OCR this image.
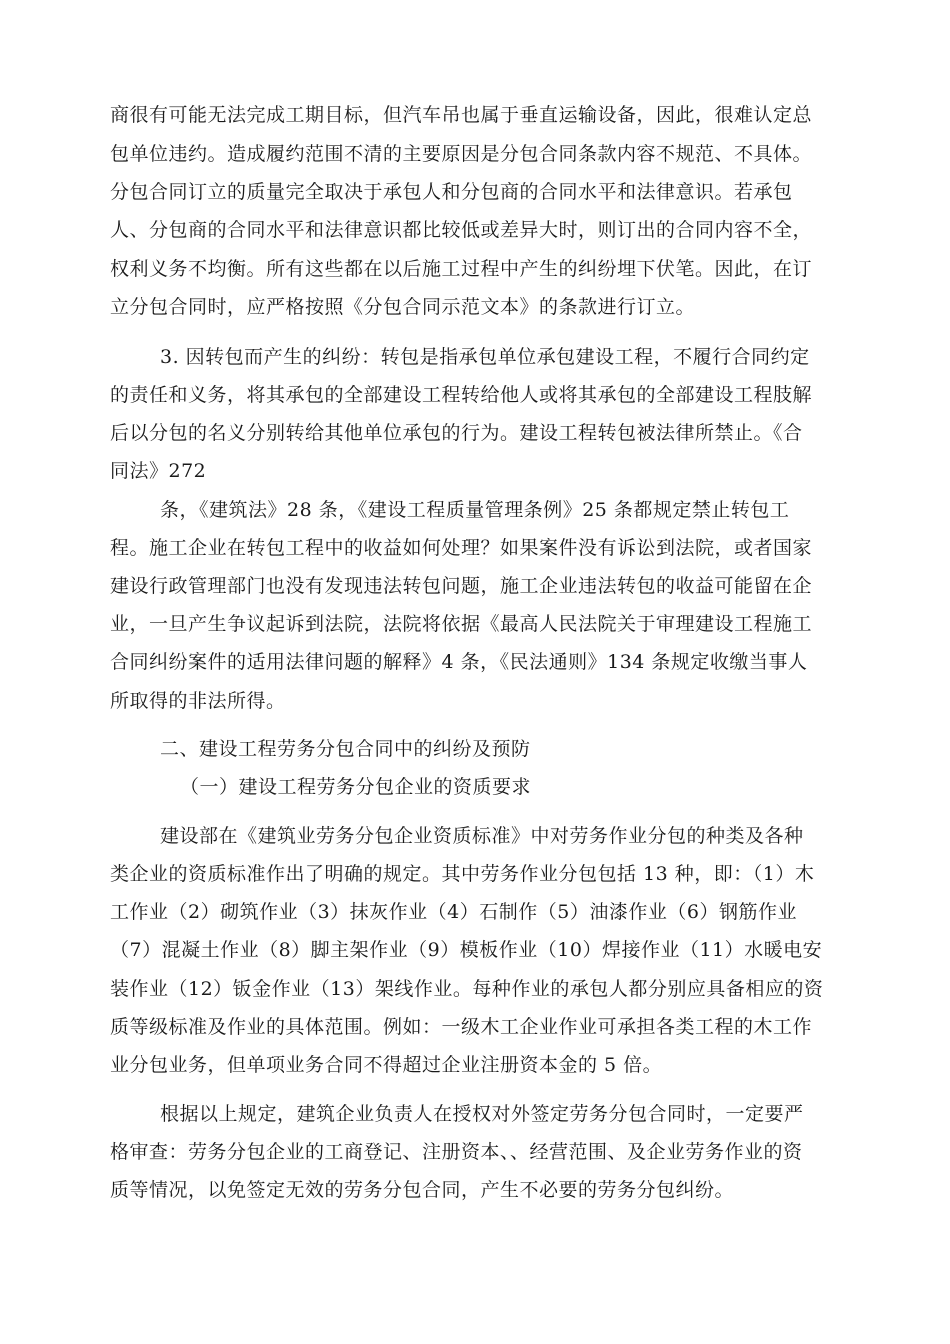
商很有可能无法完成工期目标，但汽车吊也属于垂直运输设备，因此，很难认定总
包单位违约。造成履约范围不清的主要原因是分包合同条款内容不规范、不具体。
分包合同订立的质量完全取决于承包人和分包商的合同水平和法律意识。若承包
人、分包商的合同水平和法律意识都比较低或差异大时，则订出的合同内容不全，
权利义务不均衡。所有这些都在以后施工过程中产生的纠纷埋下伏笔。因此，在订
立分包合同时，应严格按照《分包合同示范文本》的条款进行订立。
3. 因转包而产生的纠纷：转包是指承包单位承包建设工程，不履行合同约定
的责任和义务，将其承包的全部建设工程转给他人或将其承包的全部建设工程肢解
后以分包的名义分别转给其他单位承包的行为。建设工程转包被法律所禁止。《合
同法》272
条，《建筑法》28 条，《建设工程质量管理条例》25 条都规定禁止转包工
程。施工企业在转包工程中的收益如何处理？如果案件没有诉讼到法院，或者国家
建设行政管理部门也没有发现违法转包问题，施工企业违法转包的收益可能留在企
业，一旦产生争议起诉到法院，法院将依据《最高人民法院关于审理建设工程施工
合同纠纷案件的适用法律问题的解释》4 条，《民法通则》134 条规定收缴当事人
所取得的非法所得。
二、建设工程劳务分包合同中的纠纷及预防
（一）建设工程劳务分包企业的资质要求
建设部在《建筑业劳务分包企业资质标准》中对劳务作业分包的种类及各种
类企业的资质标准作出了明确的规定。其中劳务作业分包包括 13 种，即：（1）木
工作业（2）砌筑作业（3）抹灰作业（4）石制作（5）油漆作业（6）钢筋作业
（7）混凝土作业（8）脚主架作业（9）模板作业（10）焊接作业（11）水暖电安
装作业（12）钣金作业（13）架线作业。每种作业的承包人都分别应具备相应的资
质等级标准及作业的具体范围。例如：一级木工企业作业可承担各类工程的木工作
业分包业务，但单项业务合同不得超过企业注册资本金的 5 倍。
根据以上规定，建筑企业负责人在授权对外签定劳务分包合同时，一定要严
格审查：劳务分包企业的工商登记、注册资本、、经营范围、及企业劳务作业的资
质等情况，以免签定无效的劳务分包合同，产生不必要的劳务分包纠纷。
